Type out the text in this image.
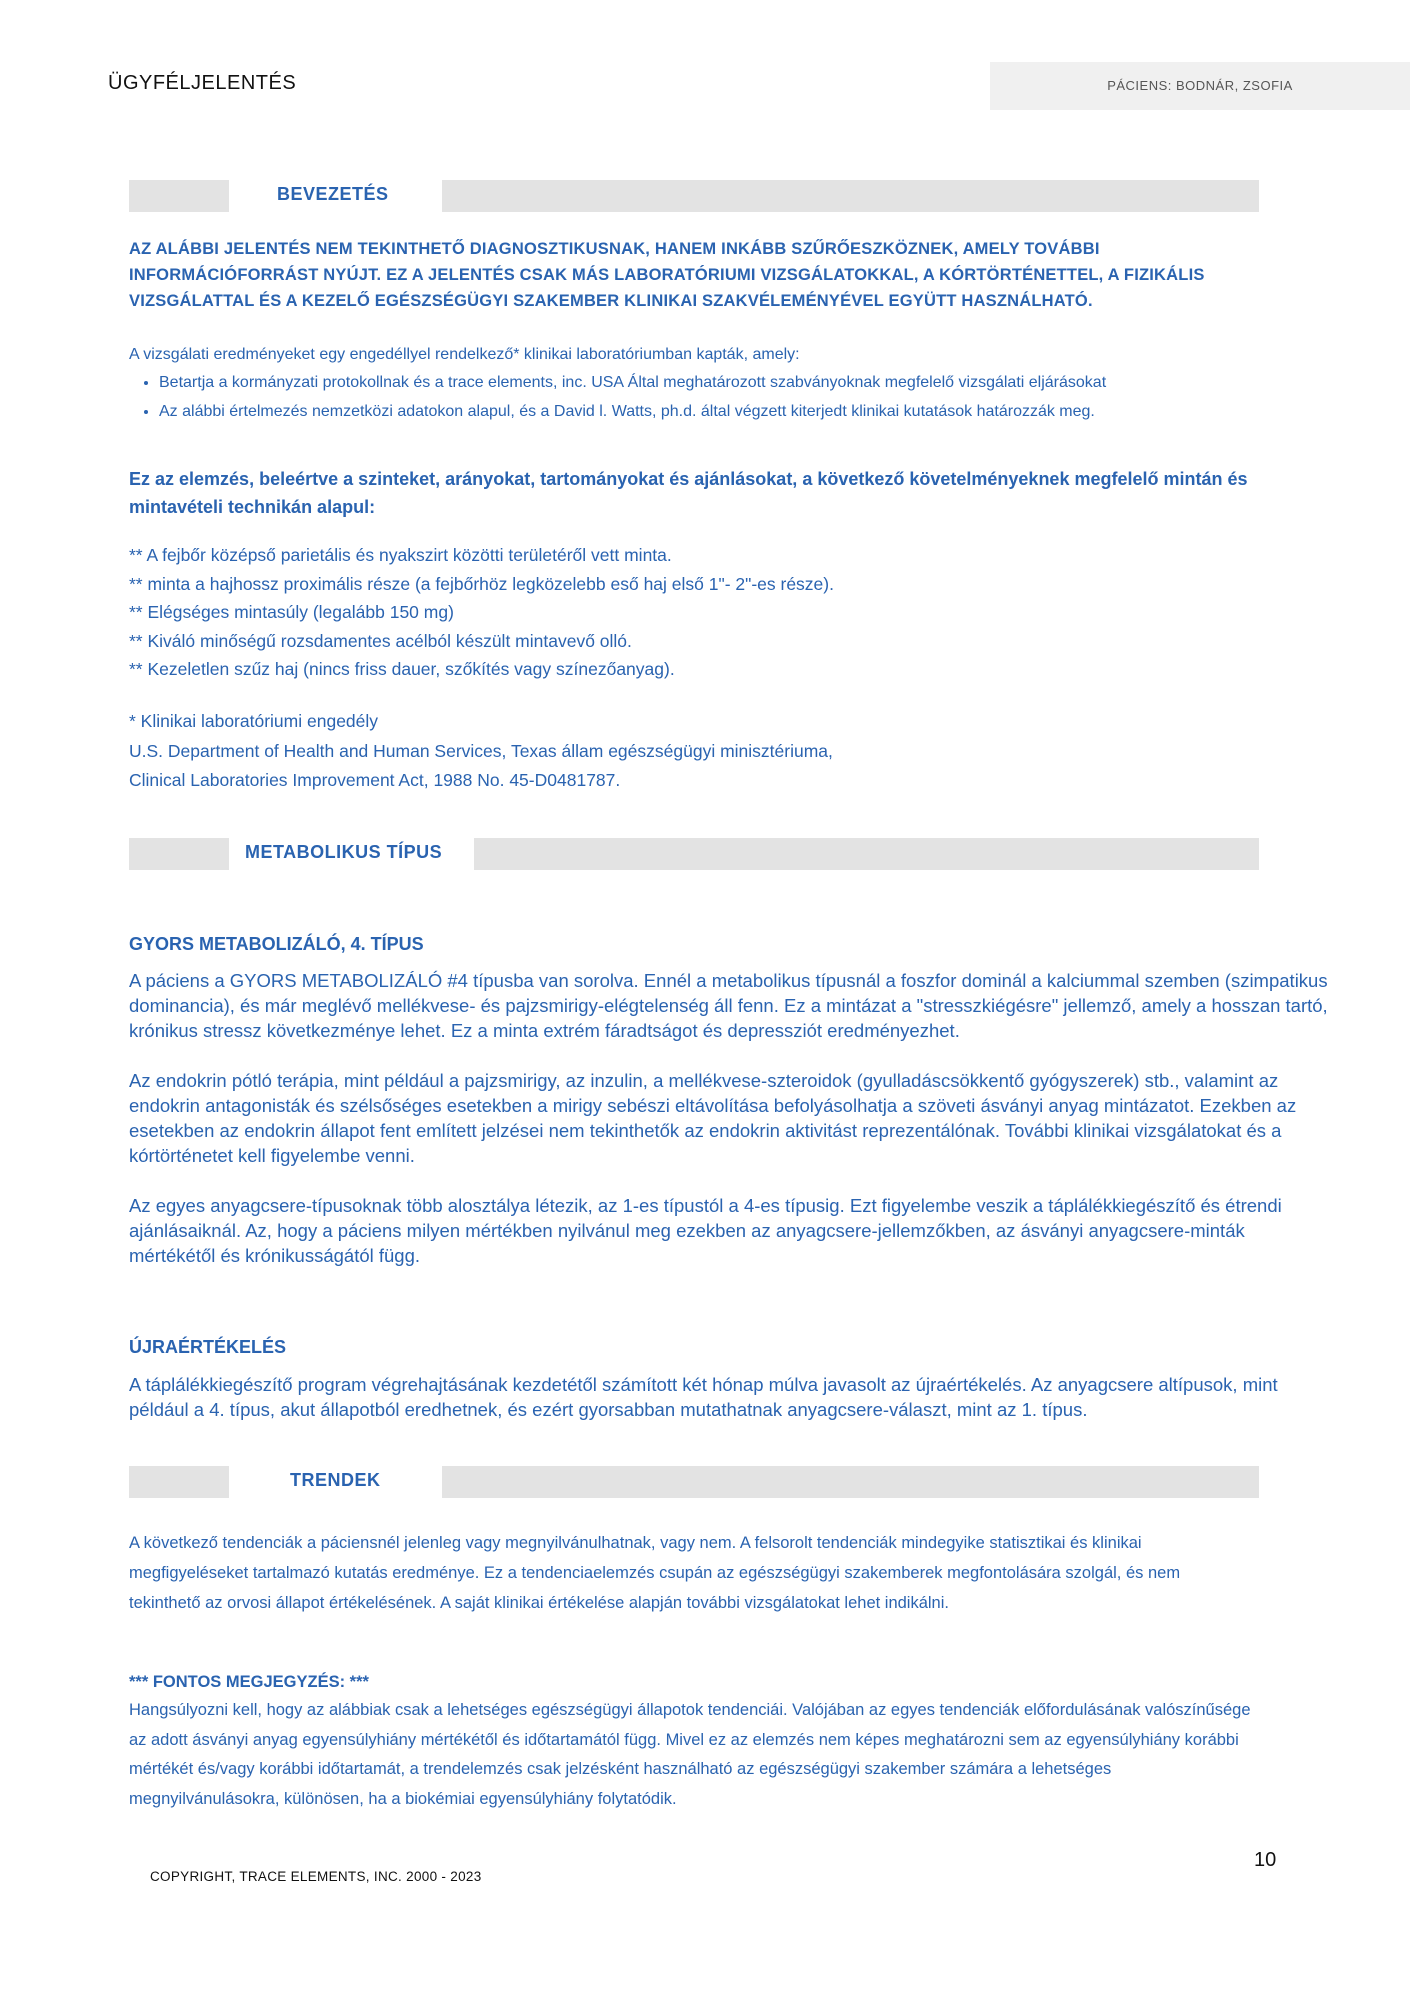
ÜGYFÉLJELENTÉS	PÁCIENS: BODNÁR, ZSOFIA
BEVEZETÉS
AZ ALÁBBI JELENTÉS NEM TEKINTHETŐ DIAGNOSZTIKUSNAK, HANEM INKÁBB SZŰRŐESZKÖZNEK, AMELY TOVÁBBI INFORMÁCIÓFORRÁST NYÚJT. EZ A JELENTÉS CSAK MÁS LABORATÓRIUMI VIZSGÁLATOKKAL, A KÓRTÖRTÉNETTEL, A FIZIKÁLIS VIZSGÁLATTAL ÉS A KEZELŐ EGÉSZSÉGÜGYI SZAKEMBER KLINIKAI SZAKVÉLEMÉNYÉVEL EGYÜTT HASZNÁLHATÓ.
A vizsgálati eredményeket egy engedéllyel rendelkező* klinikai laboratóriumban kapták, amely:
• Betartja a kormányzati protokollnak és a trace elements, inc. USA Által meghatározott szabványoknak megfelelő vizsgálati eljárásokat
• Az alábbi értelmezés nemzetközi adatokon alapul, és a David l. Watts, ph.d. által végzett kiterjedt klinikai kutatások határozzák meg.
Ez az elemzés, beleértve a szinteket, arányokat, tartományokat és ajánlásokat, a következő követelményeknek megfelelő mintán és mintavételi technikán alapul:
** A fejbőr középső parietális és nyakszirt közötti területéről vett minta.
** minta a hajhossz proximális része (a fejbőrhöz legközelebb eső haj első 1"- 2"-es része).
** Elégséges mintasúly (legalább 150 mg)
** Kiváló minőségű rozsdamentes acélból készült mintavevő olló.
** Kezeletlen szűz haj (nincs friss dauer, szőkítés vagy színezőanyag).
* Klinikai laboratóriumi engedély
U.S. Department of Health and Human Services, Texas állam egészségügyi minisztériuma,
Clinical Laboratories Improvement Act, 1988 No. 45-D0481787.
METABOLIKUS TÍPUS
GYORS METABOLIZÁLÓ, 4. TÍPUS
A páciens a GYORS METABOLIZÁLÓ #4 típusba van sorolva. Ennél a metabolikus típusnál a foszfor dominál a kalciummal szemben (szimpatikus dominancia), és már meglévő mellékvese- és pajzsmirigy-elégtelenség áll fenn. Ez a mintázat a "stresszkiégésre" jellemző, amely a hosszan tartó, krónikus stressz következménye lehet. Ez a minta extrém fáradtságot és depressziót eredményezhet.
Az endokrin pótló terápia, mint például a pajzsmirigy, az inzulin, a mellékvese-szteroidok (gyulladáscsökkentő gyógyszerek) stb., valamint az endokrin antagonisták és szélsőséges esetekben a mirigy sebészi eltávolítása befolyásolhatja a szöveti ásványi anyag mintázatot. Ezekben az esetekben az endokrin állapot fent említett jelzései nem tekinthetők az endokrin aktivitást reprezentálónak. További klinikai vizsgálatokat és a kórtörténetet kell figyelembe venni.
Az egyes anyagcsere-típusoknak több alosztálya létezik, az 1-es típustól a 4-es típusig. Ezt figyelembe veszik a táplálékkiegészítő és étrendi ajánlásaiknál. Az, hogy a páciens milyen mértékben nyilvánul meg ezekben az anyagcsere-jellemzőkben, az ásványi anyagcsere-minták mértékétől és krónikusságától függ.
ÚJRAÉRTÉKELÉS
A táplálékkiegészítő program végrehajtásának kezdetétől számított két hónap múlva javasolt az újraértékelés. Az anyagcsere altípusok, mint például a 4. típus, akut állapotból eredhetnek, és ezért gyorsabban mutathatnak anyagcsere-választ, mint az 1. típus.
TRENDEK
A következő tendenciák a páciensnél jelenleg vagy megnyilvánulhatnak, vagy nem. A felsorolt tendenciák mindegyike statisztikai és klinikai megfigyeléseket tartalmazó kutatás eredménye. Ez a tendenciaelemzés csupán az egészségügyi szakemberek megfontolására szolgál, és nem tekinthető az orvosi állapot értékelésének. A saját klinikai értékelése alapján további vizsgálatokat lehet indikálni.
*** FONTOS MEGJEGYZÉS: ***
Hangsúlyozni kell, hogy az alábbiak csak a lehetséges egészségügyi állapotok tendenciái. Valójában az egyes tendenciák előfordulásának valószínűsége az adott ásványi anyag egyensúlyhiány mértékétől és időtartamától függ. Mivel ez az elemzés nem képes meghatározni sem az egyensúlyhiány korábbi mértékét és/vagy korábbi időtartamát, a trendelemzés csak jelzésként használható az egészségügyi szakember számára a lehetséges megnyilvánulásokra, különösen, ha a biokémiai egyensúlyhiány folytatódik.
COPYRIGHT, TRACE ELEMENTS, INC. 2000 - 2023
10
